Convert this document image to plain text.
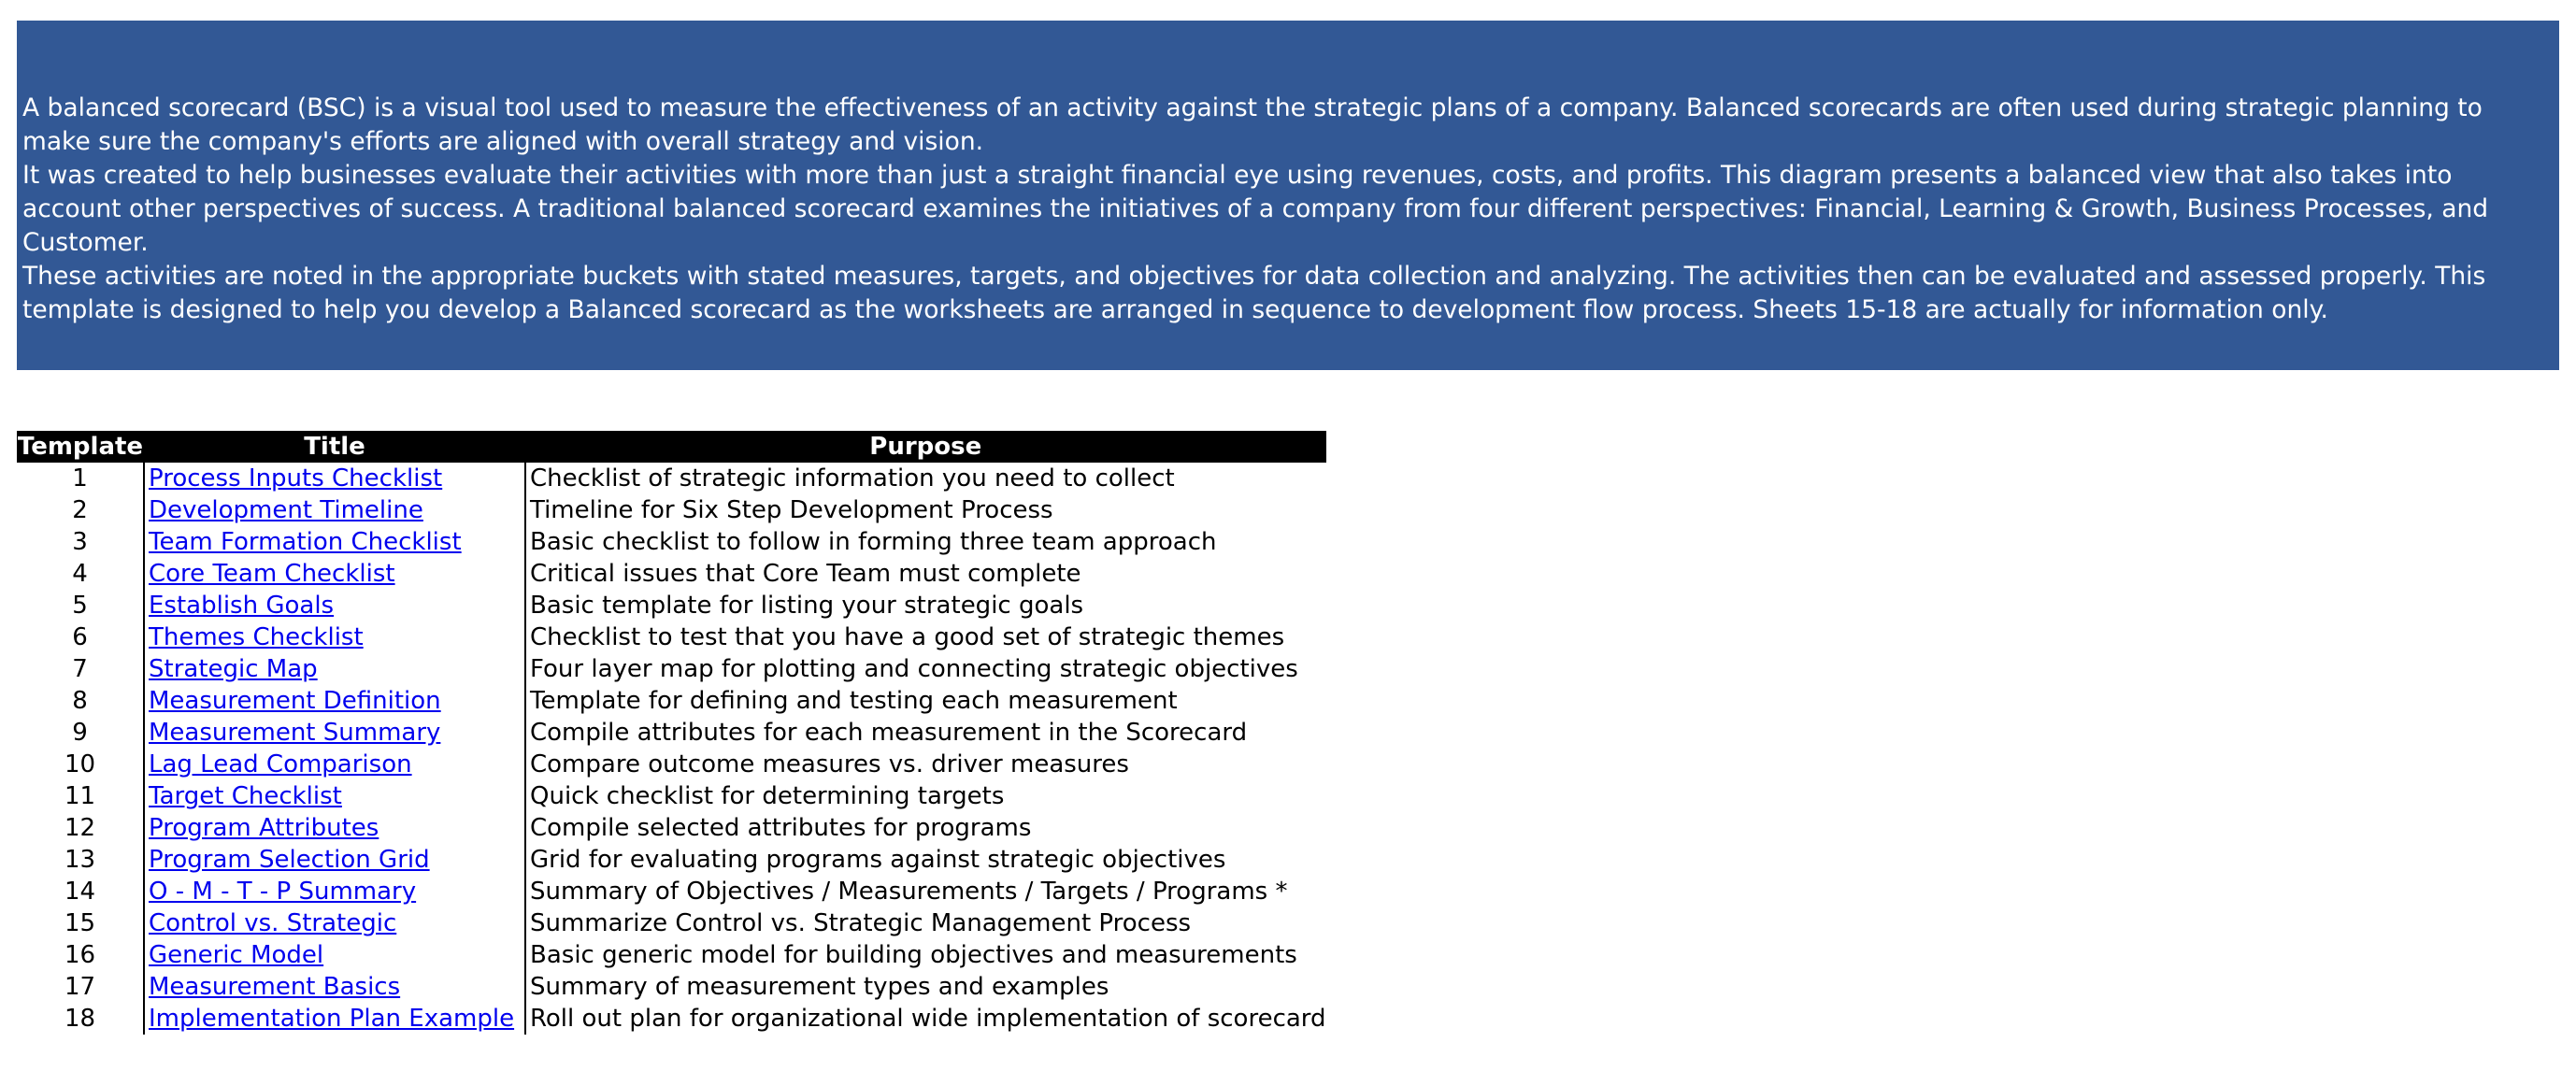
A balanced scorecard (BSC) is a visual tool used to measure the effectiveness of an activity against the strategic plans of a company. Balanced scorecards are often used during strategic planning to make sure the company's efforts are aligned with overall strategy and vision.

It was created to help businesses evaluate their activities with more than just a straight financial eye using revenues, costs, and profits. This diagram presents a balanced view that also takes into account other perspectives of success. A traditional balanced scorecard examines the initiatives of a company from four different perspectives: Financial, Learning & Growth, Business Processes, and Customer.

These activities are noted in the appropriate buckets with stated measures, targets, and objectives for data collection and analyzing. The activities then can be evaluated and assessed properly. This template is designed to help you develop a Balanced scorecard as the worksheets are arranged in sequence to development flow process. Sheets 15-18 are actually for information only.

Template	Title	Purpose
1	Process Inputs Checklist	Checklist of strategic information you need to collect
2	Development Timeline	Timeline for Six Step Development Process
3	Team Formation Checklist	Basic checklist to follow in forming three team approach
4	Core Team Checklist	Critical issues that Core Team must complete
5	Establish Goals	Basic template for listing your strategic goals
6	Themes Checklist	Checklist to test that you have a good set of strategic themes
7	Strategic Map	Four layer map for plotting and connecting strategic objectives
8	Measurement Definition	Template for defining and testing each measurement
9	Measurement Summary	Compile attributes for each measurement in the Scorecard
10	Lag Lead Comparison	Compare outcome measures vs. driver measures
11	Target Checklist	Quick checklist for determining targets
12	Program Attributes	Compile selected attributes for programs
13	Program Selection Grid	Grid for evaluating programs against strategic objectives
14	O - M - T - P Summary	Summary of Objectives / Measurements / Targets / Programs *
15	Control vs. Strategic	Summarize Control vs. Strategic Management Process
16	Generic Model	Basic generic model for building objectives and measurements
17	Measurement Basics	Summary of measurement types and examples
18	Implementation Plan Example	Roll out plan for organizational wide implementation of scorecard
